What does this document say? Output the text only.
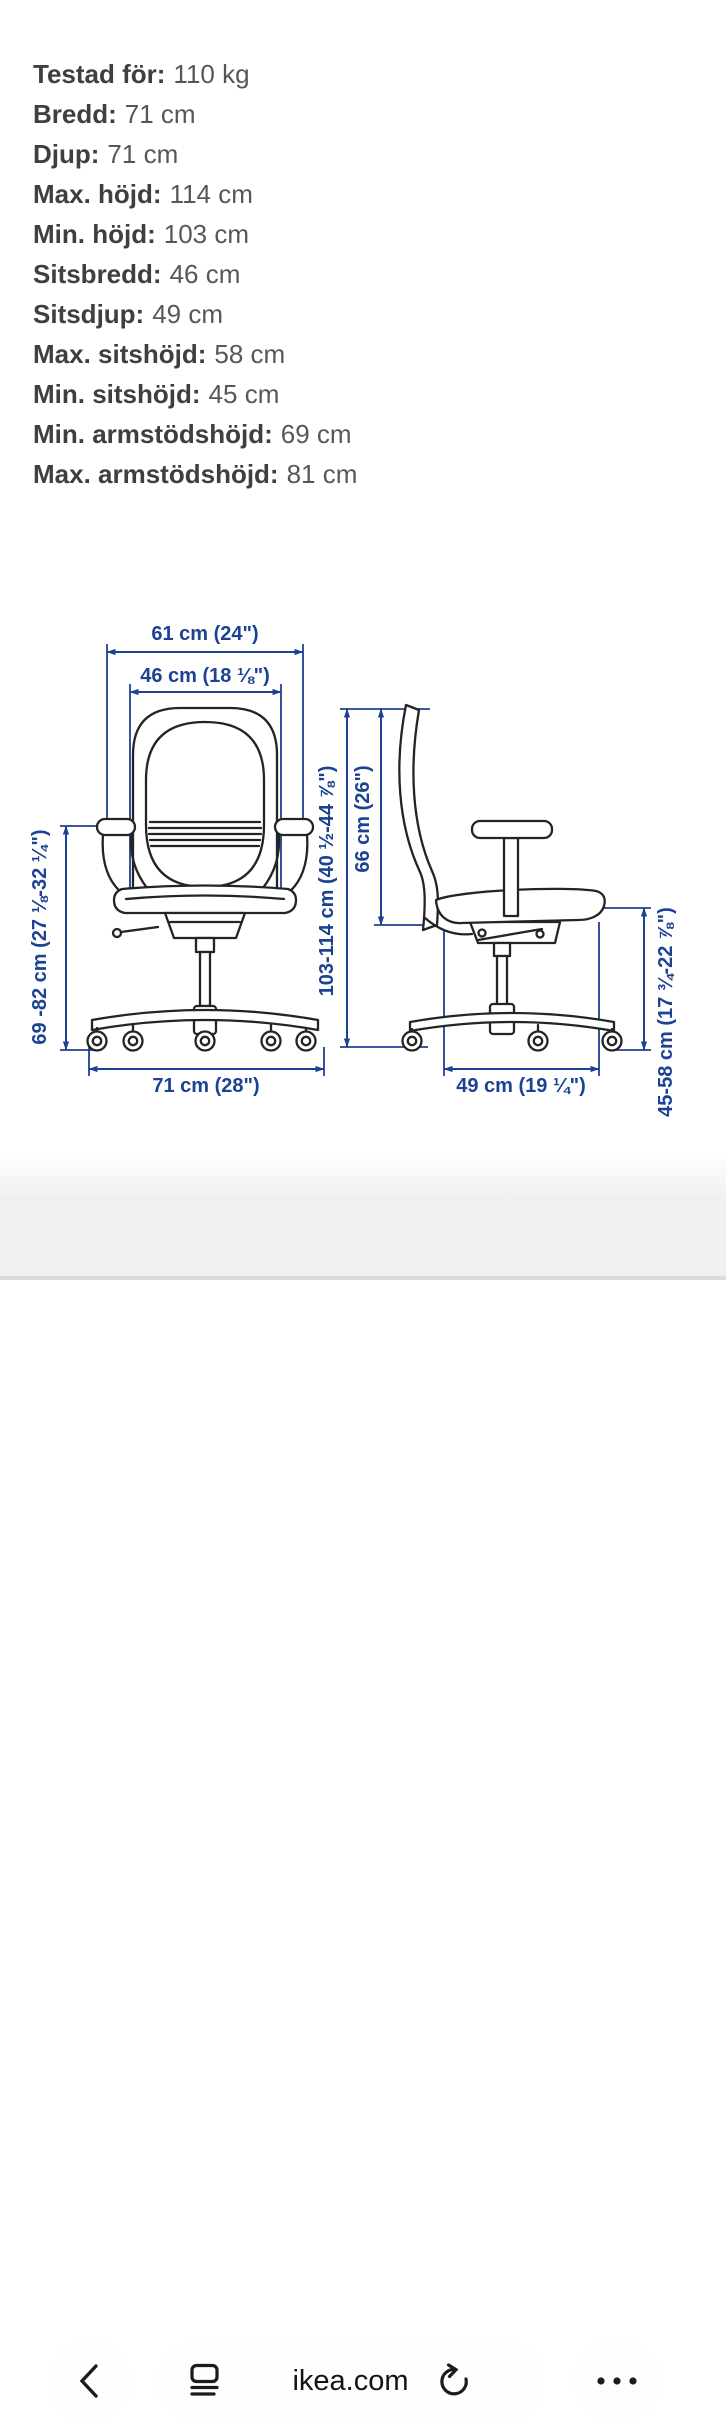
Testad för: 110 kg
Bredd: 71 cm
Djup: 71 cm
Max. höjd: 114 cm
Min. höjd: 103 cm
Sitsbredd: 46 cm
Sitsdjup: 49 cm
Max. sitshöjd: 58 cm
Min. sitshöjd: 45 cm
Min. armstödshöjd: 69 cm
Max. armstödshöjd: 81 cm
61 cm (24")
46 cm (18 ⅛")
69 -82 cm (27 ⅛-32 ¼")	103-114 cm (40 ½-44 ⅞") 66 cm (26")
45-58 cm (17 ¾-22 ⅞")
71 cm (28")	49 cm (19 ¼")
ikea.com
